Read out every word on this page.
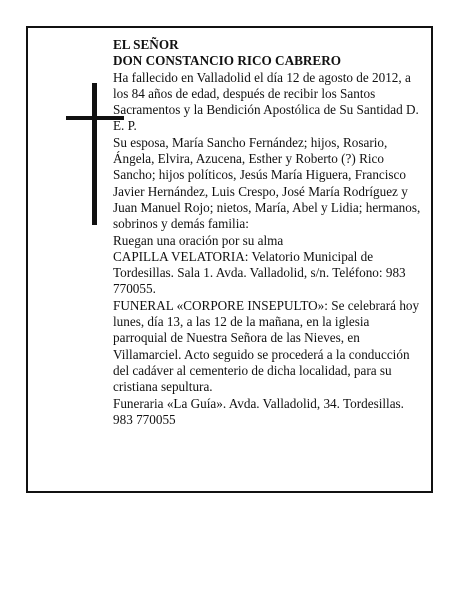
EL SEÑOR

DON CONSTANCIO RICO CABRERO

Ha fallecido en Valladolid el día 12 de agosto de 2012, a los 84 años de edad, después de recibir los Santos Sacramentos y la Bendición Apostólica de Su Santidad D. E. P.

Su esposa, María Sancho Fernández; hijos, Rosario, Ángela, Elvira, Azucena, Esther y Roberto (?) Rico Sancho; hijos políticos, Jesús María Higuera, Francisco Javier Hernández, Luis Crespo, José María Rodríguez y Juan Manuel Rojo; nietos, María, Abel y Lidia; hermanos, sobrinos y demás familia:

Ruegan una oración por su alma

CAPILLA VELATORIA: Velatorio Municipal de Tordesillas. Sala 1. Avda. Valladolid, s/n. Teléfono: 983 770055.

FUNERAL «CORPORE INSEPULTO»: Se celebrará hoy lunes, día 13, a las 12 de la mañana, en la iglesia parroquial de Nuestra Señora de las Nieves, en Villamarciel. Acto seguido se procederá a la conducción del cadáver al cementerio de dicha localidad, para su cristiana sepultura.

Funeraria «La Guía». Avda. Valladolid, 34. Tordesillas. 983 770055
